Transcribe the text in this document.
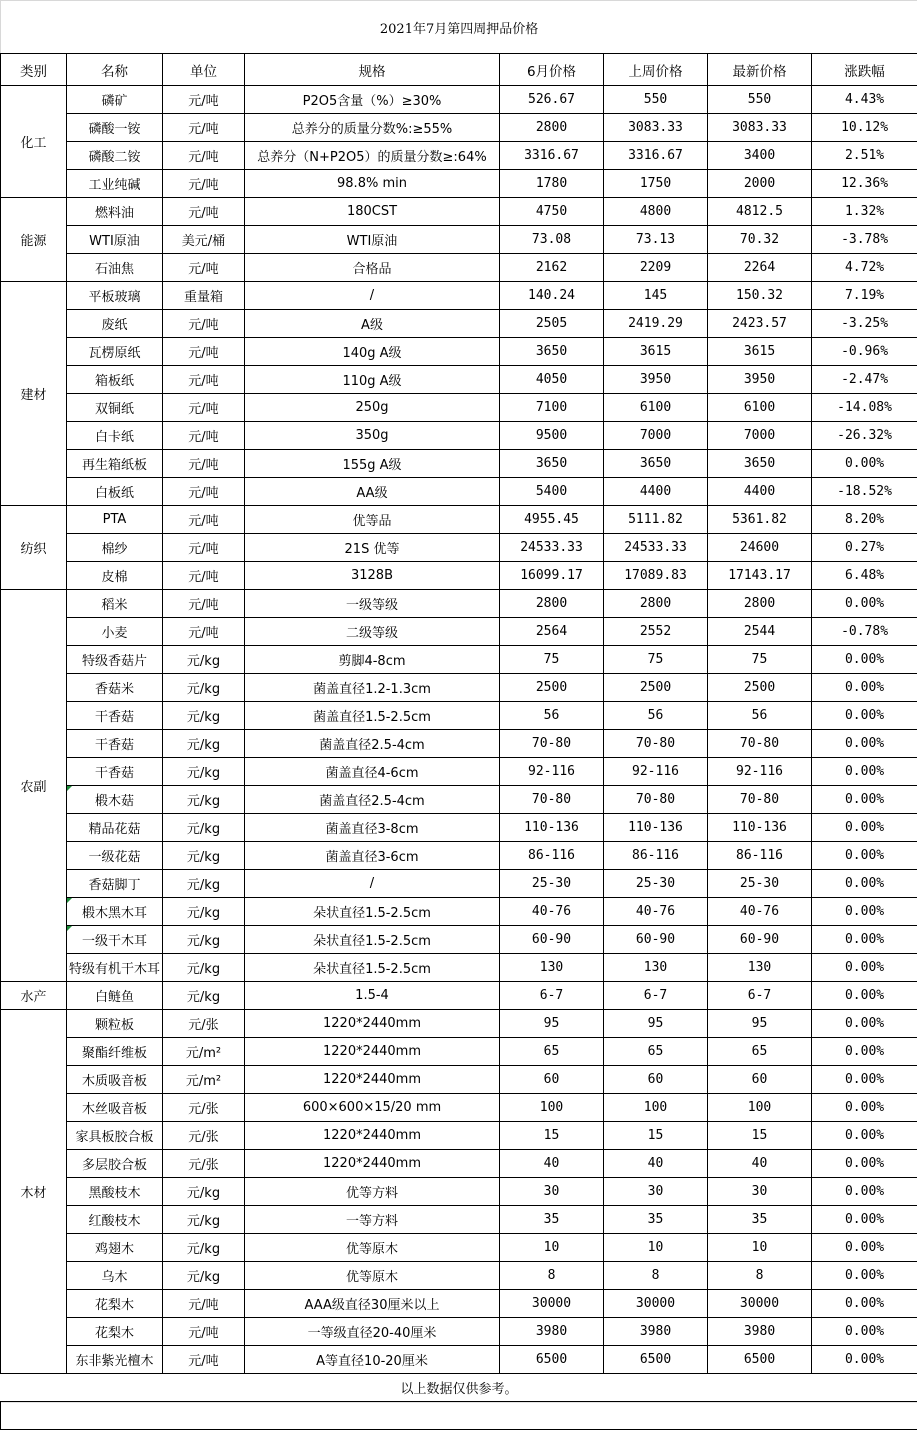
2021年7月第四周押品价格							
类别	名称	单位	规格	6月价格	上周价格	最新价格	涨跌幅
化工	磷矿	元/吨	P2O5含量（%）≥30%	526.67	550	550	4.43%
	磷酸一铵	元/吨	总养分的质量分数%:≥55%	2800	3083.33	3083.33	10.12%
	磷酸二铵	元/吨	总养分（N+P2O5）的质量分数≥:64%	3316.67	3316.67	3400	2.51%
	工业纯碱	元/吨	98.8% min	1780	1750	2000	12.36%
能源	燃料油	元/吨	180CST	4750	4800	4812.5	1.32%
	WTI原油	美元/桶	WTI原油	73.08	73.13	70.32	-3.78%
	石油焦	元/吨	合格品	2162	2209	2264	4.72%
建材	平板玻璃	重量箱	/	140.24	145	150.32	7.19%
	废纸	元/吨	A级	2505	2419.29	2423.57	-3.25%
	瓦楞原纸	元/吨	140g A级	3650	3615	3615	-0.96%
	箱板纸	元/吨	110g A级	4050	3950	3950	-2.47%
	双铜纸	元/吨	250g	7100	6100	6100	-14.08%
	白卡纸	元/吨	350g	9500	7000	7000	-26.32%
	再生箱纸板	元/吨	155g A级	3650	3650	3650	0.00%
	白板纸	元/吨	AA级	5400	4400	4400	-18.52%
纺织	PTA	元/吨	优等品	4955.45	5111.82	5361.82	8.20%
	棉纱	元/吨	21S 优等	24533.33	24533.33	24600	0.27%
	皮棉	元/吨	3128B	16099.17	17089.83	17143.17	6.48%
农副	稻米	元/吨	一级等级	2800	2800	2800	0.00%
	小麦	元/吨	二级等级	2564	2552	2544	-0.78%
	特级香菇片	元/kg	剪脚4-8cm	75	75	75	0.00%
	香菇米	元/kg	菌盖直径1.2-1.3cm	2500	2500	2500	0.00%
	干香菇	元/kg	菌盖直径1.5-2.5cm	56	56	56	0.00%
	干香菇	元/kg	菌盖直径2.5-4cm	70-80	70-80	70-80	0.00%
	干香菇	元/kg	菌盖直径4-6cm	92-116	92-116	92-116	0.00%
	椴木菇	元/kg	菌盖直径2.5-4cm	70-80	70-80	70-80	0.00%
	精品花菇	元/kg	菌盖直径3-8cm	110-136	110-136	110-136	0.00%
	一级花菇	元/kg	菌盖直径3-6cm	86-116	86-116	86-116	0.00%
	香菇脚丁	元/kg	/	25-30	25-30	25-30	0.00%
	椴木黑木耳	元/kg	朵状直径1.5-2.5cm	40-76	40-76	40-76	0.00%
	一级干木耳	元/kg	朵状直径1.5-2.5cm	60-90	60-90	60-90	0.00%
	特级有机干木耳	元/kg	朵状直径1.5-2.5cm	130	130	130	0.00%
水产	白鲢鱼	元/kg	1.5-4	6-7	6-7	6-7	0.00%
木材	颗粒板	元/张	1220*2440mm	95	95	95	0.00%
	聚酯纤维板	元/m²	1220*2440mm	65	65	65	0.00%
	木质吸音板	元/m²	1220*2440mm	60	60	60	0.00%
	木丝吸音板	元/张	600×600×15/20 mm	100	100	100	0.00%
	家具板胶合板	元/张	1220*2440mm	15	15	15	0.00%
	多层胶合板	元/张	1220*2440mm	40	40	40	0.00%
	黑酸枝木	元/kg	优等方料	30	30	30	0.00%
	红酸枝木	元/kg	一等方料	35	35	35	0.00%
	鸡翅木	元/kg	优等原木	10	10	10	0.00%
	乌木	元/kg	优等原木	8	8	8	0.00%
	花梨木	元/吨	AAA级直径30厘米以上	30000	30000	30000	0.00%
	花梨木	元/吨	一等级直径20-40厘米	3980	3980	3980	0.00%
	东非紫光檀木	元/吨	A等直径10-20厘米	6500	6500	6500	0.00%
以上数据仅供参考。
